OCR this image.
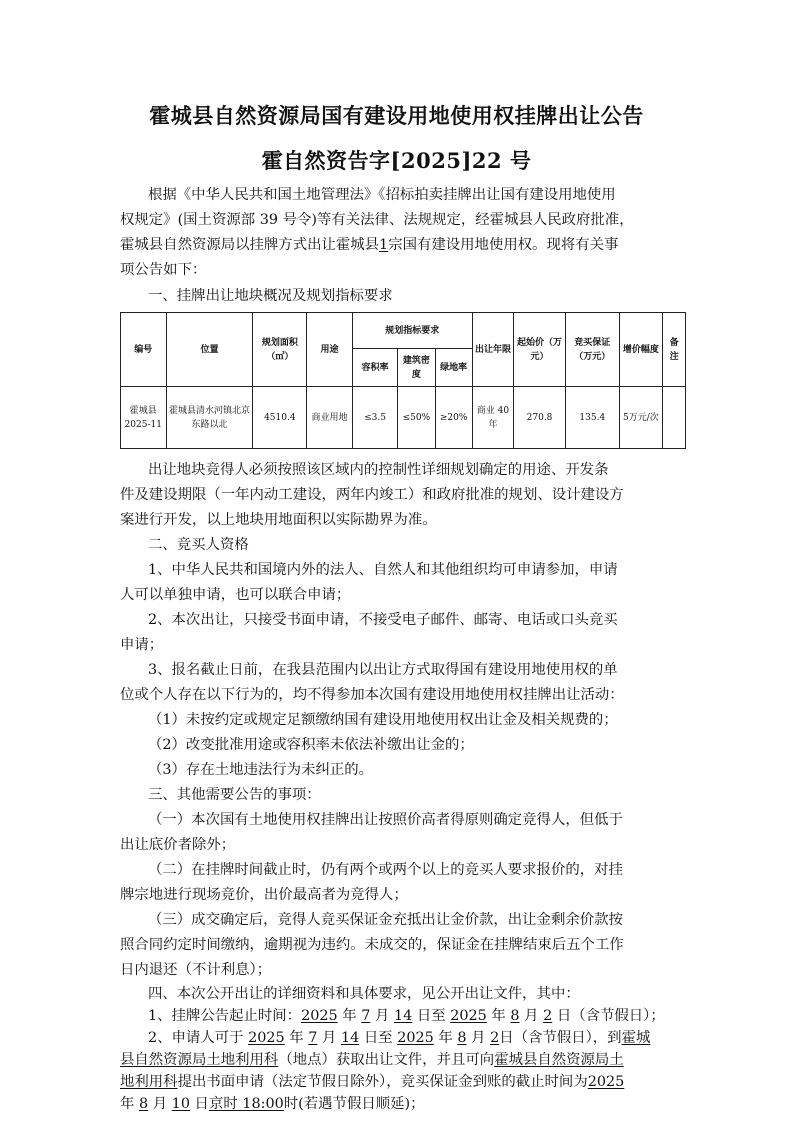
霍城县自然资源局国有建设用地使用权挂牌出让公告
霍自然资告字[2025]22 号

根据《中华人民共和国土地管理法》《招标拍卖挂牌出让国有建设用地使用

权规定》(国土资源部 39 号令)等有关法律、法规规定，经霍城县人民政府批准，

霍城县自然资源局以挂牌方式出让霍城县1宗国有建设用地使用权。现将有关事

项公告如下：

一、挂牌出让地块概况及规划指标要求
编号	位置	规划面积（㎡）	用途	规划指标要求			出让年限	起始价（万元）	竞买保证（万元）	增价幅度	备注
				容积率	建筑密度	绿地率					
霍城县 2025-11	霍城县清水河镇北京东路以北	4510.4	商业用地	≤3.5	≤50%	≥20%	商业 40年	270.8	135.4	5万元/次	

出让地块竞得人必须按照该区域内的控制性详细规划确定的用途、开发条

件及建设期限（一年内动工建设，两年内竣工）和政府批准的规划、设计建设方

案进行开发，以上地块用地面积以实际勘界为准。

二、竞买人资格

1、中华人民共和国境内外的法人、自然人和其他组织均可申请参加，申请

人可以单独申请，也可以联合申请；

2、本次出让，只接受书面申请，不接受电子邮件、邮寄、电话或口头竞买

申请；

3、报名截止日前，在我县范围内以出让方式取得国有建设用地使用权的单

位或个人存在以下行为的，均不得参加本次国有建设用地使用权挂牌出让活动：

（1）未按约定或规定足额缴纳国有建设用地使用权出让金及相关规费的；

（2）改变批准用途或容积率未依法补缴出让金的；

（3）存在土地违法行为未纠正的。

三、其他需要公告的事项：

（一）本次国有土地使用权挂牌出让按照价高者得原则确定竞得人，但低于

出让底价者除外；

（二）在挂牌时间截止时，仍有两个或两个以上的竞买人要求报价的，对挂

牌宗地进行现场竞价，出价最高者为竞得人；

（三）成交确定后，竞得人竞买保证金充抵出让金价款，出让金剩余价款按

照合同约定时间缴纳，逾期视为违约。未成交的，保证金在挂牌结束后五个工作

日内退还（不计利息）；

四、本次公开出让的详细资料和具体要求，见公开出让文件，其中：

1、挂牌公告起止时间：2025 年 7 月 14 日至 2025 年 8 月 2 日（含节假日）；

2、申请人可于 2025 年 7 月 14 日至 2025 年 8 月 2日（含节假日），到霍城

县自然资源局土地利用科（地点）获取出让文件，并且可向霍城县自然资源局土

地利用科提出书面申请（法定节假日除外），竞买保证金到账的截止时间为2025

年 8 月 10 日京时 18:00时(若遇节假日顺延)；
